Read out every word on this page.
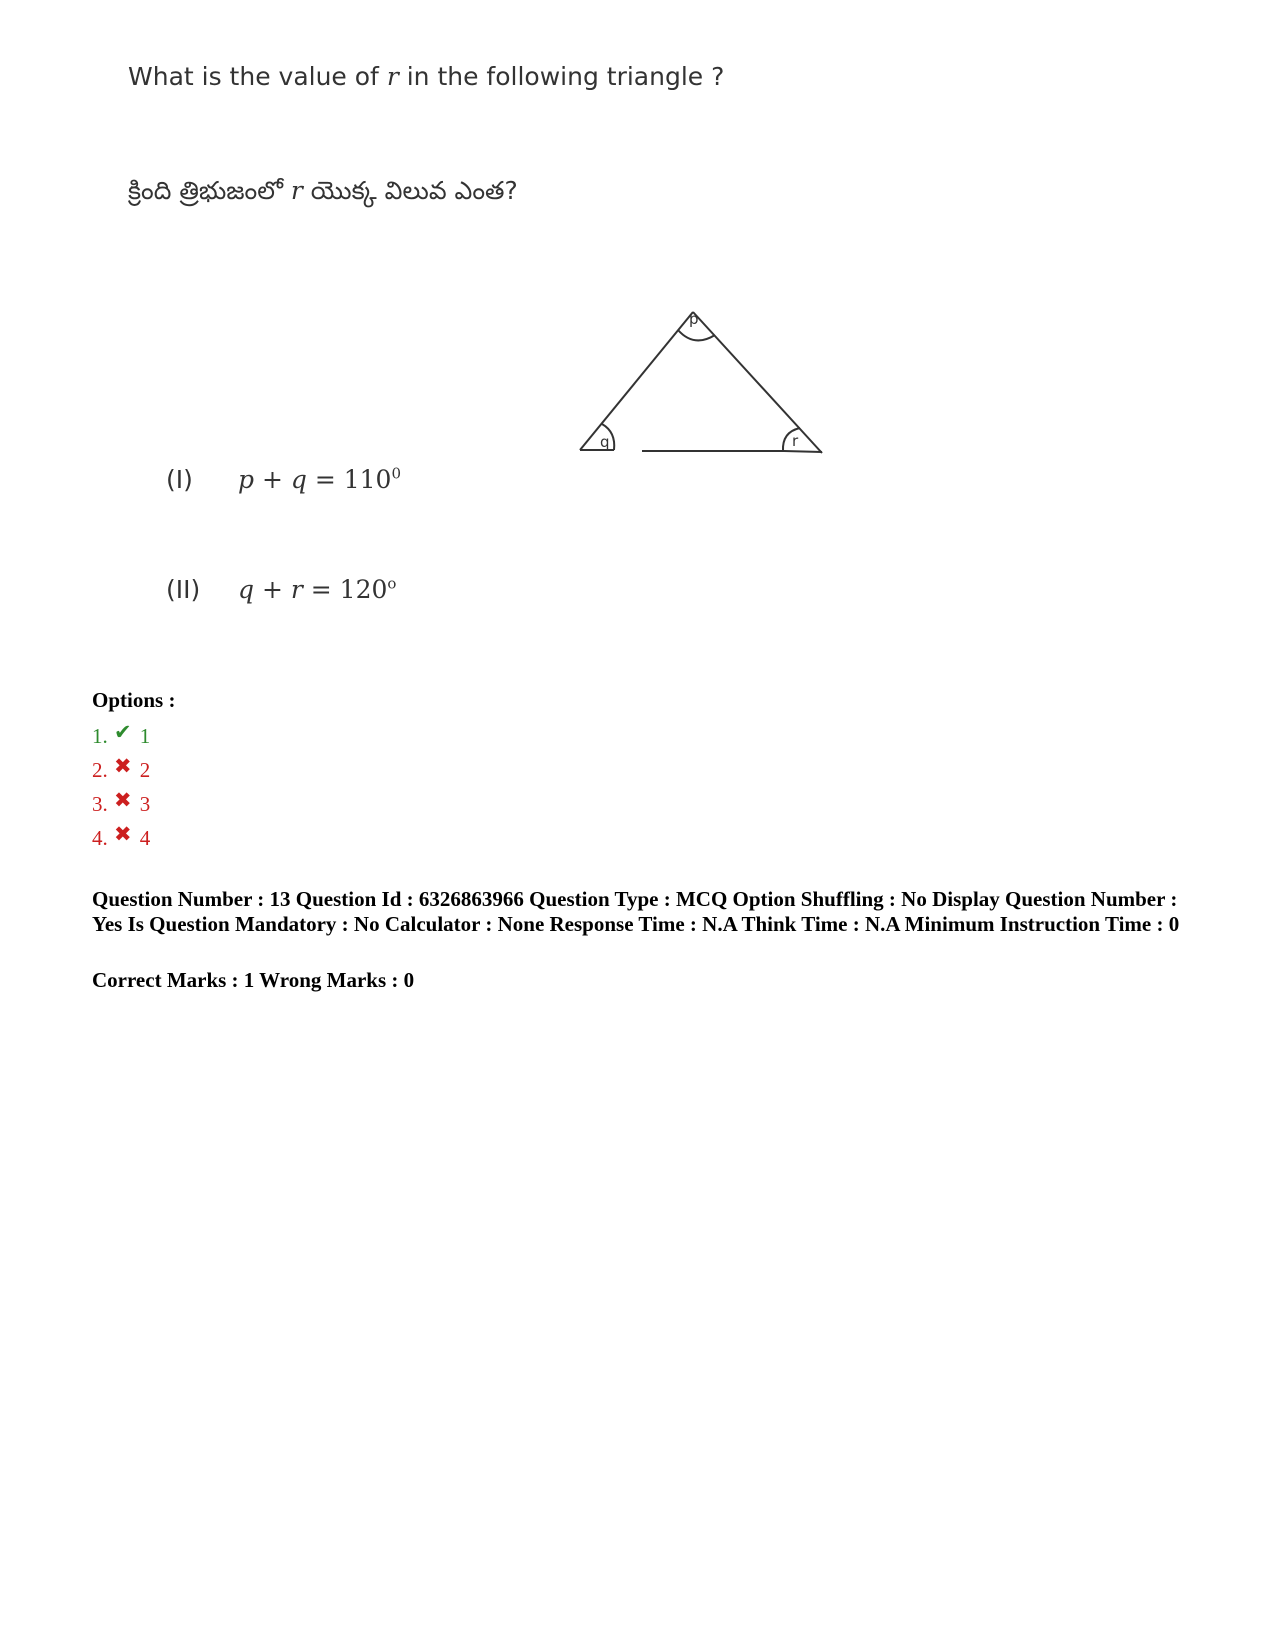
What is the value of r in the following triangle ?
క్రింది త్రిభుజంలో r యొక్క విలువ ఎంత?
p
q	r
(I) $p + q = 110^0$
(II) $q + r = 120^o$
Options :
1. ✔ 1
2. ✖ 2
3. ✖ 3
4. ✖ 4
Question Number : 13 Question Id : 6326863966 Question Type : MCQ Option Shuffling : No Display Question Number : Yes Is Question Mandatory : No Calculator : None Response Time : N.A Think Time : N.A Minimum Instruction Time : 0
Correct Marks : 1 Wrong Marks : 0
